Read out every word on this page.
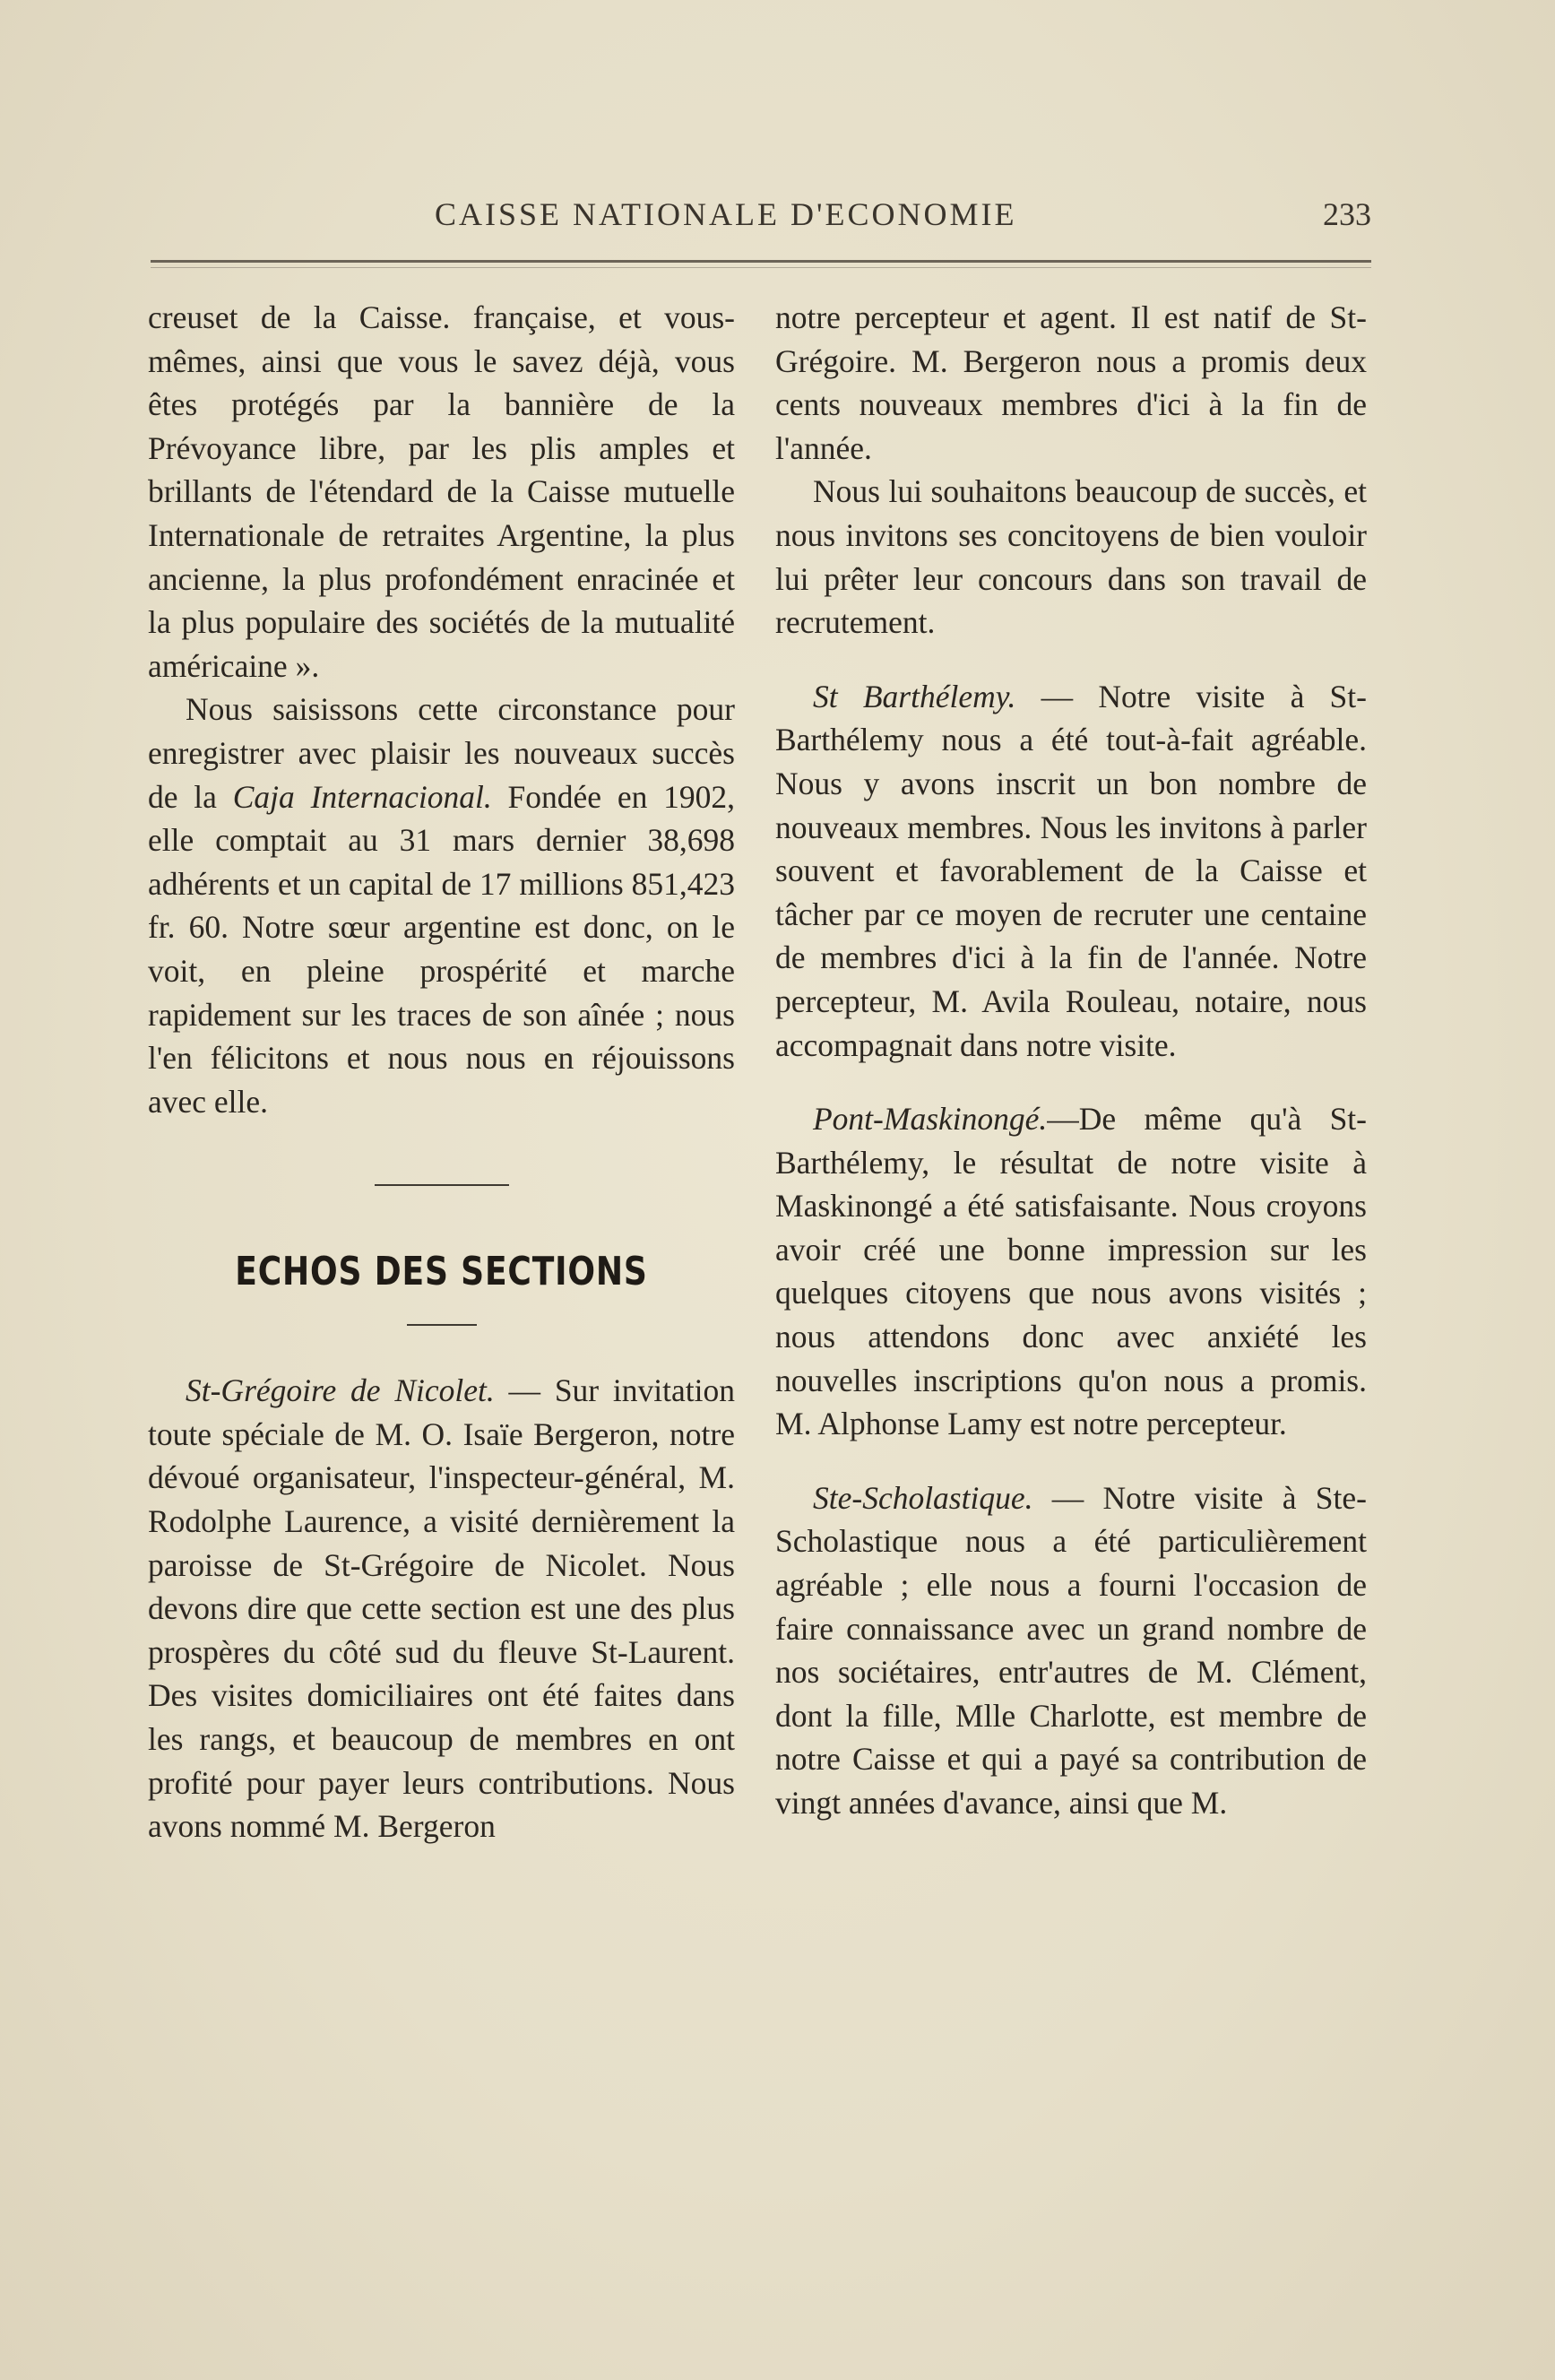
CAISSE NATIONALE D'ECONOMIE	233

creuset de la Caisse. française, et vous-mêmes, ainsi que vous le savez déjà, vous êtes protégés par la bannière de la Prévoyance libre, par les plis amples et brillants de l'étendard de la Caisse mutuelle Internationale de retraites Argentine, la plus ancienne, la plus profondément enracinée et la plus populaire des sociétés de la mutualité américaine ».

Nous saisissons cette circonstance pour enregistrer avec plaisir les nouveaux succès de la Caja Internacional. Fondée en 1902, elle comptait au 31 mars dernier 38,698 adhérents et un capital de 17 millions 851,423 fr. 60. Notre sœur argentine est donc, on le voit, en pleine prospérité et marche rapidement sur les traces de son aînée ; nous l'en félicitons et nous nous en réjouissons avec elle.

ECHOS DES SECTIONS

St-Grégoire de Nicolet. — Sur invitation toute spéciale de M. O. Isaïe Bergeron, notre dévoué organisateur, l'inspecteur-général, M. Rodolphe Laurence, a visité dernièrement la paroisse de St-Grégoire de Nicolet. Nous devons dire que cette section est une des plus prospères du côté sud du fleuve St-Laurent. Des visites domiciliaires ont été faites dans les rangs, et beaucoup de membres en ont profité pour payer leurs contributions. Nous avons nommé M. Bergeron

notre percepteur et agent. Il est natif de St-Grégoire. M. Bergeron nous a promis deux cents nouveaux membres d'ici à la fin de l'année.

Nous lui souhaitons beaucoup de succès, et nous invitons ses concitoyens de bien vouloir lui prêter leur concours dans son travail de recrutement.

St Barthélemy. — Notre visite à St-Barthélemy nous a été tout-à-fait agréable. Nous y avons inscrit un bon nombre de nouveaux membres. Nous les invitons à parler souvent et favorablement de la Caisse et tâcher par ce moyen de recruter une centaine de membres d'ici à la fin de l'année. Notre percepteur, M. Avila Rouleau, notaire, nous accompagnait dans notre visite.

Pont-Maskinongé.—De même qu'à St-Barthélemy, le résultat de notre visite à Maskinongé a été satisfaisante. Nous croyons avoir créé une bonne impression sur les quelques citoyens que nous avons visités ; nous attendons donc avec anxiété les nouvelles inscriptions qu'on nous a promis. M. Alphonse Lamy est notre percepteur.

Ste-Scholastique. — Notre visite à Ste-Scholastique nous a été particulièrement agréable ; elle nous a fourni l'occasion de faire connaissance avec un grand nombre de nos sociétaires, entr'autres de M. Clément, dont la fille, Mlle Charlotte, est membre de notre Caisse et qui a payé sa contribution de vingt années d'avance, ainsi que M.
